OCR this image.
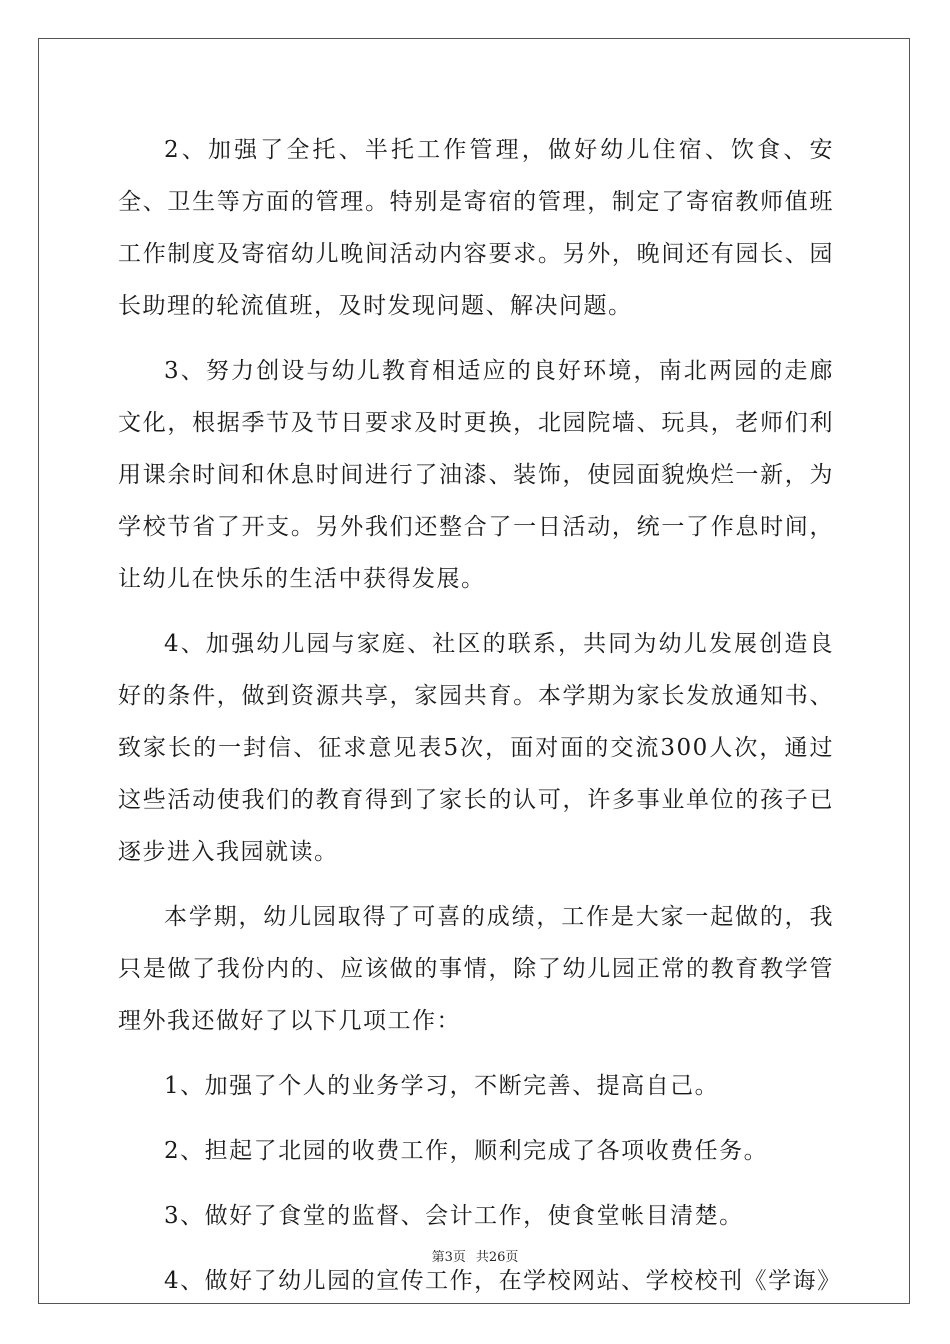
2、加强了全托、半托工作管理，做好幼儿住宿、饮食、安全、卫生等方面的管理。特别是寄宿的管理，制定了寄宿教师值班工作制度及寄宿幼儿晚间活动内容要求。另外，晚间还有园长、园长助理的轮流值班，及时发现问题、解决问题。

3、努力创设与幼儿教育相适应的良好环境，南北两园的走廊文化，根据季节及节日要求及时更换，北园院墙、玩具，老师们利用课余时间和休息时间进行了油漆、装饰，使园面貌焕烂一新，为学校节省了开支。另外我们还整合了一日活动，统一了作息时间，让幼儿在快乐的生活中获得发展。

4、加强幼儿园与家庭、社区的联系，共同为幼儿发展创造良好的条件，做到资源共享，家园共育。本学期为家长发放通知书、致家长的一封信、征求意见表5次，面对面的交流300人次，通过这些活动使我们的教育得到了家长的认可，许多事业单位的孩子已逐步进入我园就读。

本学期，幼儿园取得了可喜的成绩，工作是大家一起做的，我只是做了我份内的、应该做的事情，除了幼儿园正常的教育教学管理外我还做好了以下几项工作：

1、加强了个人的业务学习，不断完善、提高自己。

2、担起了北园的收费工作，顺利完成了各项收费任务。

3、做好了食堂的监督、会计工作，使食堂帐目清楚。

4、做好了幼儿园的宣传工作，在学校网站、学校校刊《学诲》

第3页 共26页
